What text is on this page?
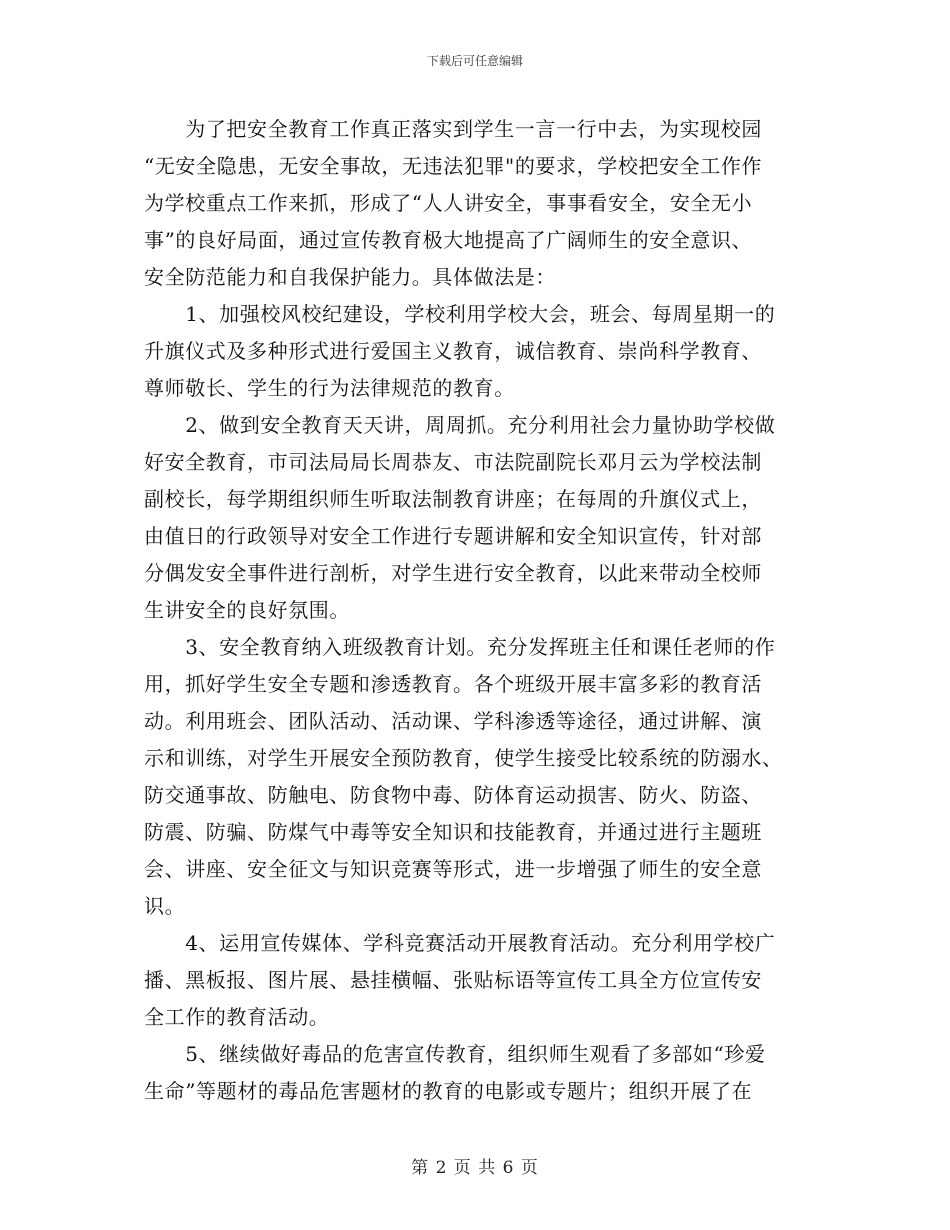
下载后可任意编辑

　　为了把安全教育工作真正落实到学生一言一行中去，为实现校园
“无安全隐患，无安全事故，无违法犯罪"的要求，学校把安全工作作
为学校重点工作来抓，形成了“人人讲安全，事事看安全，安全无小
事”的良好局面，通过宣传教育极大地提高了广阔师生的安全意识、
安全防范能力和自我保护能力。具体做法是：

　　1、加强校风校纪建设，学校利用学校大会，班会、每周星期一的
升旗仪式及多种形式进行爱国主义教育，诚信教育、崇尚科学教育、
尊师敬长、学生的行为法律规范的教育。

　　2、做到安全教育天天讲，周周抓。充分利用社会力量协助学校做
好安全教育，市司法局局长周恭友、市法院副院长邓月云为学校法制
副校长，每学期组织师生听取法制教育讲座；在每周的升旗仪式上，
由值日的行政领导对安全工作进行专题讲解和安全知识宣传，针对部
分偶发安全事件进行剖析，对学生进行安全教育，以此来带动全校师
生讲安全的良好氛围。

　　3、安全教育纳入班级教育计划。充分发挥班主任和课任老师的作
用，抓好学生安全专题和渗透教育。各个班级开展丰富多彩的教育活
动。利用班会、团队活动、活动课、学科渗透等途径，通过讲解、演
示和训练，对学生开展安全预防教育，使学生接受比较系统的防溺水、
防交通事故、防触电、防食物中毒、防体育运动损害、防火、防盗、
防震、防骗、防煤气中毒等安全知识和技能教育，并通过进行主题班
会、讲座、安全征文与知识竞赛等形式，进一步增强了师生的安全意
识。

　　4、运用宣传媒体、学科竞赛活动开展教育活动。充分利用学校广
播、黑板报、图片展、悬挂横幅、张贴标语等宣传工具全方位宣传安
全工作的教育活动。

　　5、继续做好毒品的危害宣传教育，组织师生观看了多部如“珍爱
生命”等题材的毒品危害题材的教育的电影或专题片；组织开展了在

第 2 页 共 6 页
